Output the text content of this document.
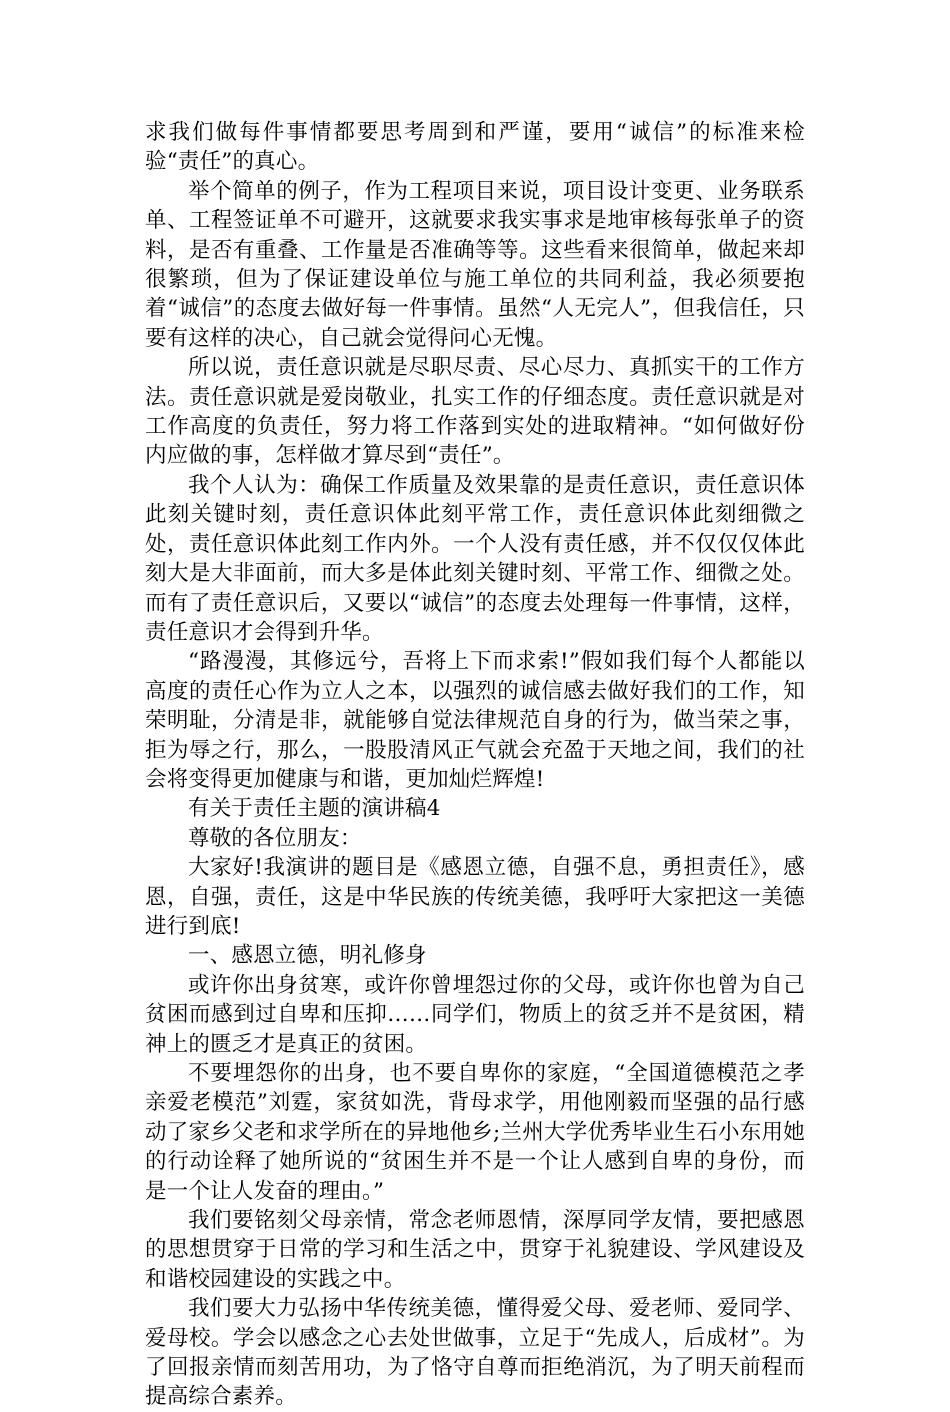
求我们做每件事情都要思考周到和严谨，要用“诚信”的标准来检验“责任”的真心。

举个简单的例子，作为工程项目来说，项目设计变更、业务联系单、工程签证单不可避开，这就要求我实事求是地审核每张单子的资料，是否有重叠、工作量是否准确等等。这些看来很简单，做起来却很繁琐，但为了保证建设单位与施工单位的共同利益，我必须要抱着“诚信”的态度去做好每一件事情。虽然“人无完人”，但我信任，只要有这样的决心，自己就会觉得问心无愧。

所以说，责任意识就是尽职尽责、尽心尽力、真抓实干的工作方法。责任意识就是爱岗敬业，扎实工作的仔细态度。责任意识就是对工作高度的负责任，努力将工作落到实处的进取精神。“如何做好份内应做的事，怎样做才算尽到“责任”。

我个人认为：确保工作质量及效果靠的是责任意识，责任意识体此刻关键时刻，责任意识体此刻平常工作，责任意识体此刻细微之处，责任意识体此刻工作内外。一个人没有责任感，并不仅仅仅体此刻大是大非面前，而大多是体此刻关键时刻、平常工作、细微之处。而有了责任意识后，又要以“诚信”的态度去处理每一件事情，这样，责任意识才会得到升华。

“路漫漫，其修远兮，吾将上下而求索!”假如我们每个人都能以高度的责任心作为立人之本，以强烈的诚信感去做好我们的工作，知荣明耻，分清是非，就能够自觉法律规范自身的行为，做当荣之事，拒为辱之行，那么，一股股清风正气就会充盈于天地之间，我们的社会将变得更加健康与和谐，更加灿烂辉煌!

有关于责任主题的演讲稿4

尊敬的各位朋友：

大家好!我演讲的题目是《感恩立德，自强不息，勇担责任》，感恩，自强，责任，这是中华民族的传统美德，我呼吁大家把这一美德进行到底!

一、感恩立德，明礼修身

或许你出身贫寒，或许你曾埋怨过你的父母，或许你也曾为自己贫困而感到过自卑和压抑……同学们，物质上的贫乏并不是贫困，精神上的匮乏才是真正的贫困。

不要埋怨你的出身，也不要自卑你的家庭，“全国道德模范之孝亲爱老模范”刘霆，家贫如洗，背母求学，用他刚毅而坚强的品行感动了家乡父老和求学所在的异地他乡;兰州大学优秀毕业生石小东用她的行动诠释了她所说的“贫困生并不是一个让人感到自卑的身份，而是一个让人发奋的理由。”

我们要铭刻父母亲情，常念老师恩情，深厚同学友情，要把感恩的思想贯穿于日常的学习和生活之中，贯穿于礼貌建设、学风建设及和谐校园建设的实践之中。

我们要大力弘扬中华传统美德，懂得爱父母、爱老师、爱同学、爱母校。学会以感念之心去处世做事，立足于“先成人，后成材”。为了回报亲情而刻苦用功，为了恪守自尊而拒绝消沉，为了明天前程而提高综合素养。
